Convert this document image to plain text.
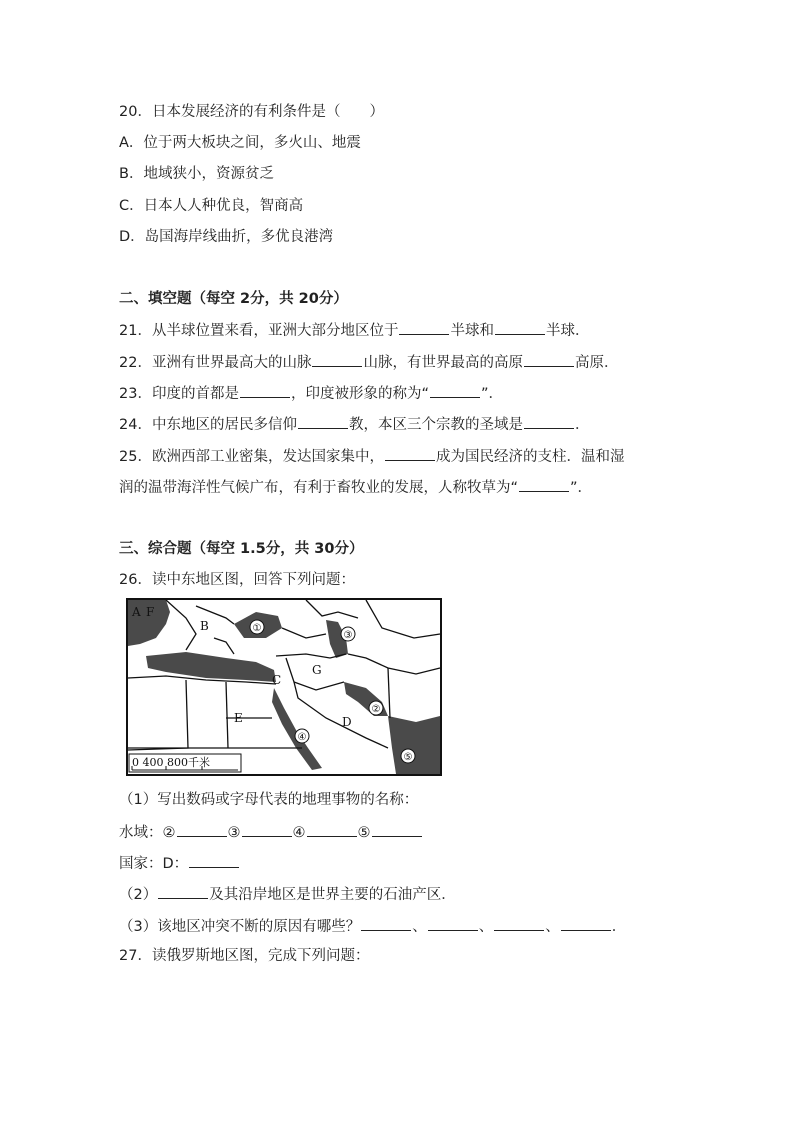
20．日本发展经济的有利条件是（　　）
A．位于两大板块之间，多火山、地震
B．地域狭小，资源贫乏
C．日本人人种优良，智商高
D．岛国海岸线曲折，多优良港湾
二、填空题（每空 2分，共 20分）
21．从半球位置来看，亚洲大部分地区位于	半球和	半球．
22．亚洲有世界最高大的山脉	山脉，有世界最高的高原	高原．
23．印度的首都是	，印度被形象的称为“	”．
24．中东地区的居民多信仰	教，本区三个宗教的圣域是	．
25．欧洲西部工业密集，发达国家集中，	成为国民经济的支柱．温和湿
润的温带海洋性气候广布，有利于畜牧业的发展，人称牧草为“	”．
三、综合题（每空 1.5分，共 30分）
26．读中东地区图，回答下列问题：
A F
B
G
C
E	D
①
②
③
④
⑤
0 400 800千米
（1）写出数码或字母代表的地理事物的名称：
水域：②	③	④	⑤
国家：D：
（2）	及其沿岸地区是世界主要的石油产区．
（3）该地区冲突不断的原因有哪些？	、	、	、	．
27．读俄罗斯地区图，完成下列问题：
